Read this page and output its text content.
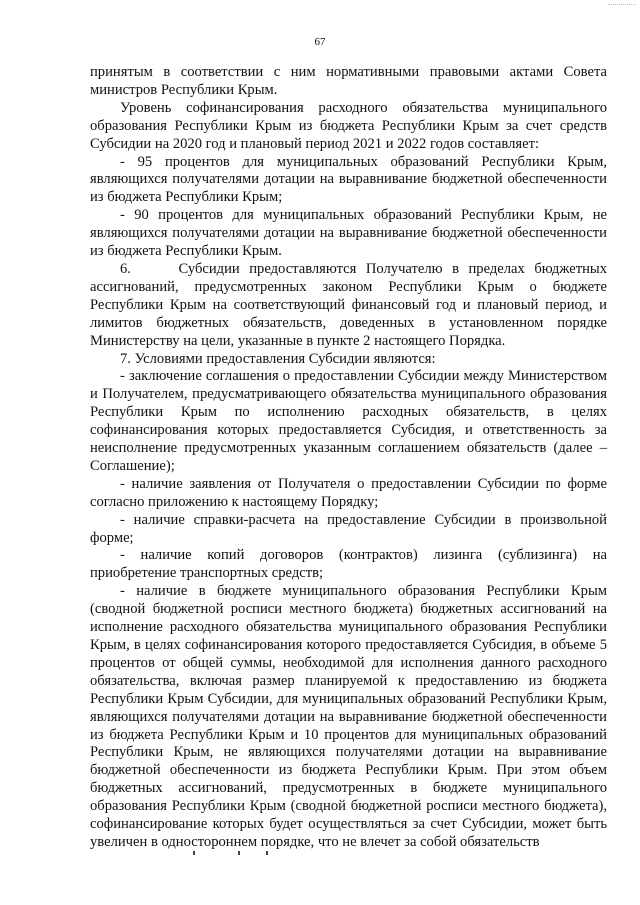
67

принятым в соответствии с ним нормативными правовыми актами Совета министров Республики Крым.

Уровень софинансирования расходного обязательства муниципального образования Республики Крым из бюджета Республики Крым за счет средств Субсидии на 2020 год и плановый период 2021 и 2022 годов составляет:

- 95 процентов для муниципальных образований Республики Крым, являющихся получателями дотации на выравнивание бюджетной обеспеченности из бюджета Республики Крым;

- 90 процентов для муниципальных образований Республики Крым, не являющихся получателями дотации на выравнивание бюджетной обеспеченности из бюджета Республики Крым.

6.     Субсидии предоставляются Получателю в пределах бюджетных ассигнований, предусмотренных законом Республики Крым о бюджете Республики Крым на соответствующий финансовый год и плановый период, и лимитов бюджетных обязательств, доведенных в установленном порядке Министерству на цели, указанные в пункте 2 настоящего Порядка.

7. Условиями предоставления Субсидии являются:

- заключение соглашения о предоставлении Субсидии между Министерством и Получателем, предусматривающего обязательства муниципального образования Республики Крым по исполнению расходных обязательств, в целях софинансирования которых предоставляется Субсидия, и ответственность за неисполнение предусмотренных указанным соглашением обязательств (далее – Соглашение);

- наличие заявления от Получателя о предоставлении Субсидии по форме согласно приложению к настоящему Порядку;

- наличие справки-расчета на предоставление Субсидии в произвольной форме;

- наличие копий договоров (контрактов) лизинга (сублизинга) на приобретение транспортных средств;

- наличие в бюджете муниципального образования Республики Крым (сводной бюджетной росписи местного бюджета) бюджетных ассигнований на исполнение расходного обязательства муниципального образования Республики Крым, в целях софинансирования которого предоставляется Субсидия, в объеме 5 процентов от общей суммы, необходимой для исполнения данного расходного обязательства, включая размер планируемой к предоставлению из бюджета Республики Крым Субсидии, для муниципальных образований Республики Крым, являющихся получателями дотации на выравнивание бюджетной обеспеченности из бюджета Республики Крым и 10 процентов для муниципальных образований Республики Крым, не являющихся получателями дотации на выравнивание бюджетной обеспеченности из бюджета Республики Крым. При этом объем бюджетных ассигнований, предусмотренных в бюджете муниципального образования Республики Крым (сводной бюджетной росписи местного бюджета), софинансирование которых будет осуществляться за счет Субсидии, может быть увеличен в одностороннем порядке, что не влечет за собой обязательств
